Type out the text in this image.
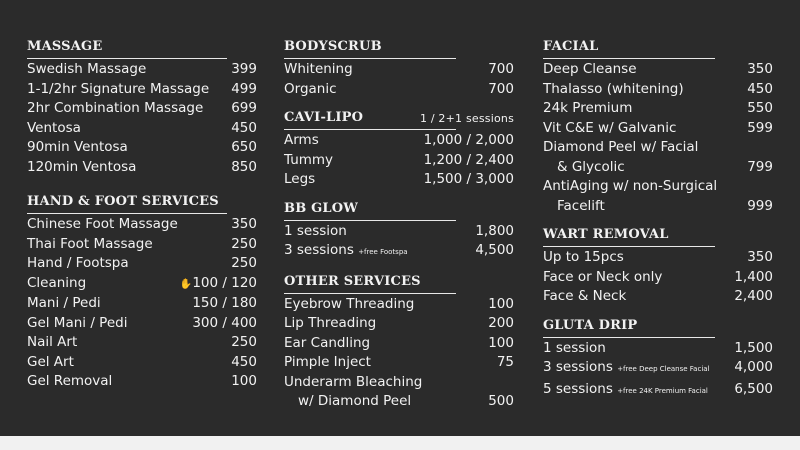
MASSAGE
Swedish Massage	399
1-1/2hr Signature Massage 499
2hr Combination Massage 699
Ventosa	450
90min Ventosa	650
120min Ventosa	850
HAND & FOOT SERVICES
Chinese Foot Massage	350
Thai Foot Massage	250
Hand / Footspa	250
Cleaning	✋100 / 120
Mani / Pedi	150 / 180
Gel Mani / Pedi	300 / 400
Nail Art	250
Gel Art	450
Gel Removal	100
BODYSCRUB
Whitening	700
Organic	700
CAVI-LIPO	1 / 2+1 sessions
Arms	1,000 / 2,000
Tummy	1,200 / 2,400
Legs	1,500 / 3,000
BB GLOW
1 session	1,800
3 sessions +free Footspa	4,500
OTHER SERVICES
Eyebrow Threading	100
Lip Threading	200
Ear Candling	100
Pimple Inject	75
Underarm Bleaching
w/ Diamond Peel	500
FACIAL
Deep Cleanse	350
Thalasso (whitening)	450
24k Premium	550
Vit C&E w/ Galvanic	599
Diamond Peel w/ Facial
& Glycolic	799
AntiAging w/ non-Surgical
Facelift	999
WART REMOVAL
Up to 15pcs	350
Face or Neck only	1,400
Face & Neck	2,400
GLUTA DRIP
1 session	1,500
3 sessions +free Deep Cleanse Facial 4,000
5 sessions +free 24K Premium Facial 6,500
